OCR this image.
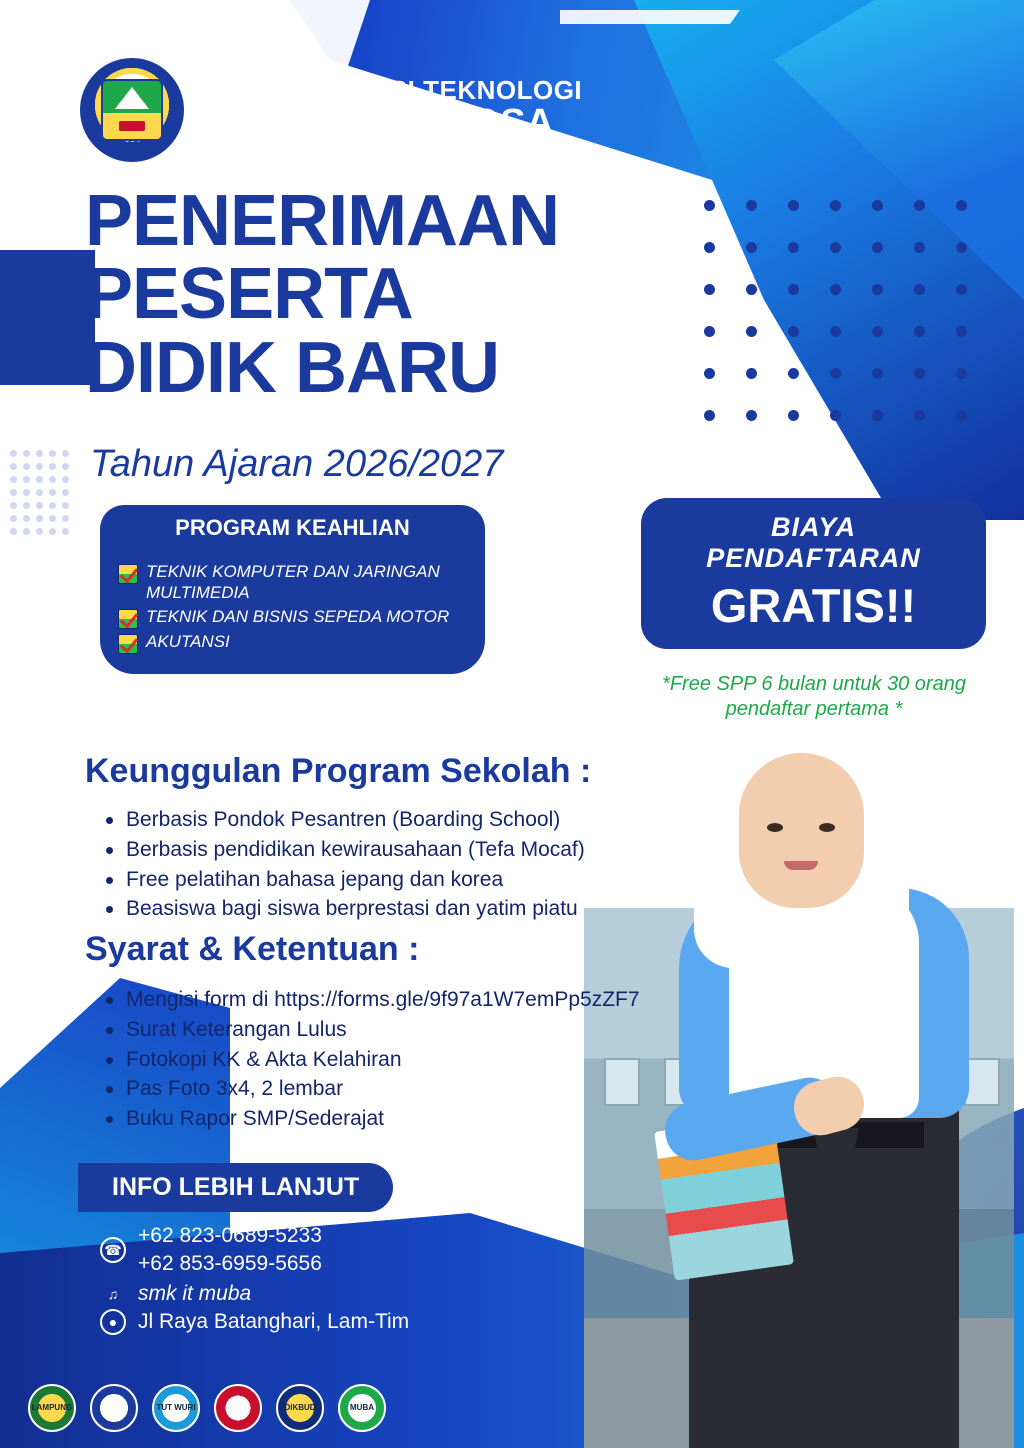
PGRI
SMK INFORMASI TEKNOLOGI
MUTIARA BANGSA
PENERIMAAN
PESERTA
DIDIK BARU
Tahun Ajaran 2026/2027
PROGRAM KEAHLIAN
TEKNIK KOMPUTER DAN JARINGAN MULTIMEDIA
TEKNIK DAN BISNIS SEPEDA MOTOR
AKUTANSI
BIAYA
PENDAFTARAN
GRATIS!!
*Free SPP 6 bulan untuk 30 orang pendaftar pertama *
Keunggulan Program Sekolah :
Berbasis Pondok Pesantren (Boarding School)
Berbasis pendidikan kewirausahaan (Tefa Mocaf)
Free pelatihan bahasa jepang dan korea
Beasiswa bagi siswa berprestasi dan yatim piatu
Syarat & Ketentuan :
Mengisi form di https://forms.gle/9f97a1W7emPp5zZF7
Surat Keterangan Lulus
Fotokopi KK & Akta Kelahiran
Pas Foto 3x4, 2 lembar
Buku Rapor SMP/Sederajat
INFO LEBIH LANJUT
☎
+62 823-0689-5233
+62 853-6959-5656
♫ smk it muba
● Jl Raya Batanghari, Lam-Tim
LAMPUNG	PGRI	TUT WURI	SMK	DIKBUD	MUBA
